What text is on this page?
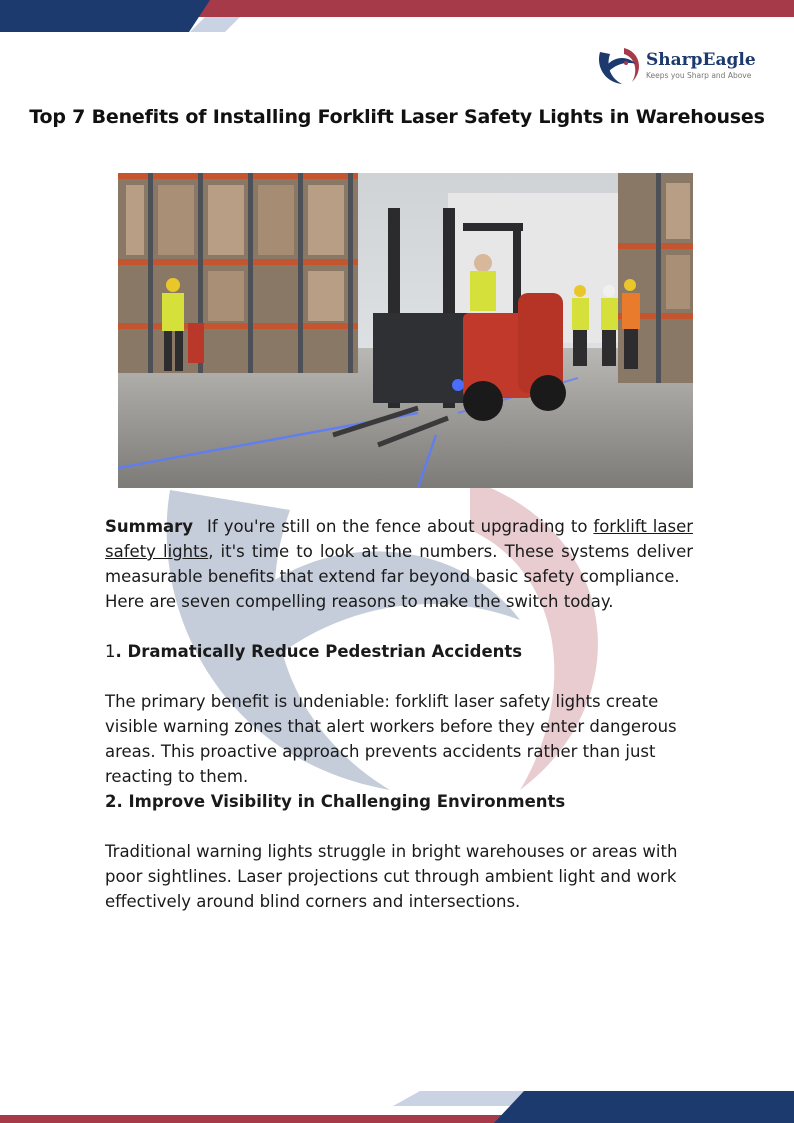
SharpEagle
Keeps you Sharp and Above
Top 7 Benefits of Installing Forklift Laser Safety Lights in Warehouses
Summary If you're still on the fence about upgrading to forklift laser safety lights, it's time to look at the numbers. These systems deliver measurable benefits that extend far beyond basic safety compliance.
Here are seven compelling reasons to make the switch today.
1. Dramatically Reduce Pedestrian Accidents
The primary benefit is undeniable: forklift laser safety lights create visible warning zones that alert workers before they enter dangerous areas. This proactive approach prevents accidents rather than just reacting to them.
2. Improve Visibility in Challenging Environments
Traditional warning lights struggle in bright warehouses or areas with poor sightlines. Laser projections cut through ambient light and work effectively around blind corners and intersections.
